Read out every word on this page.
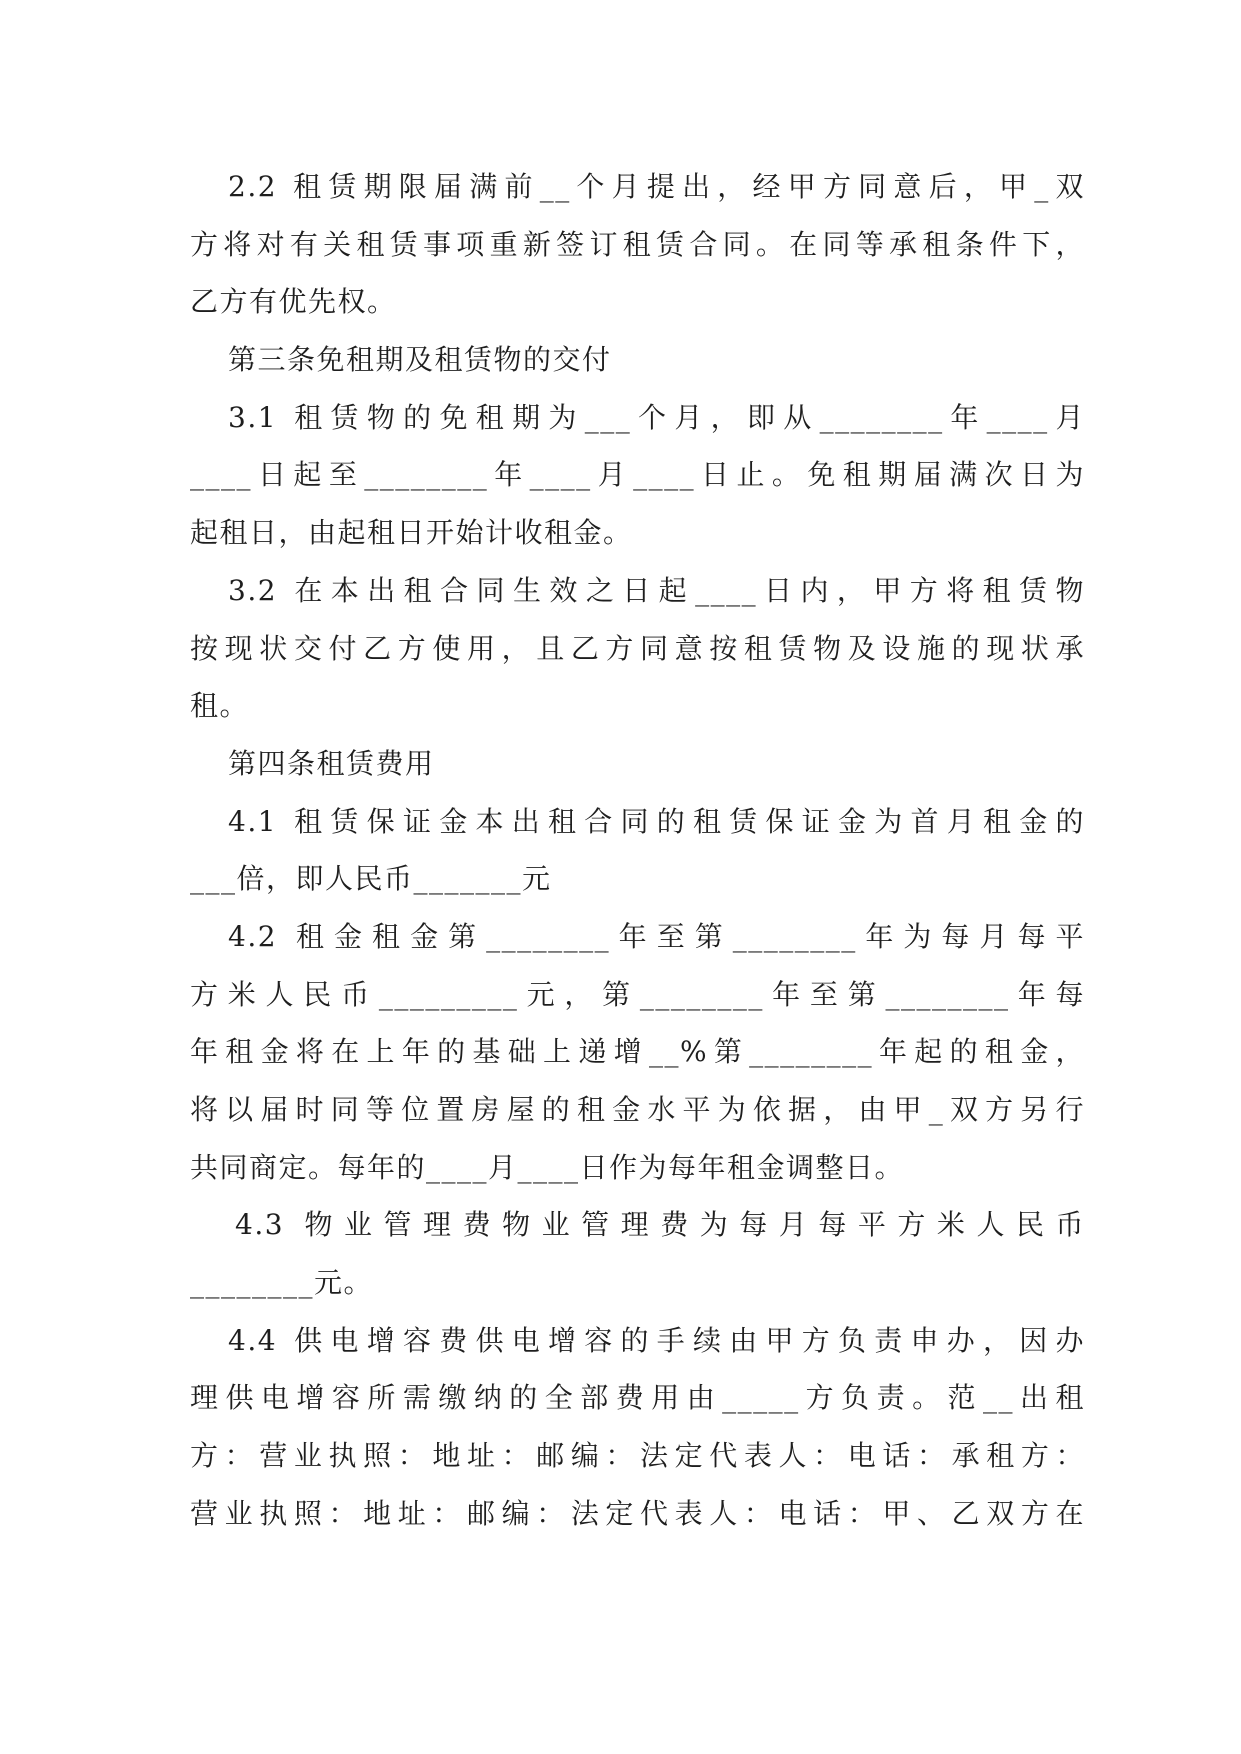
2.2 租赁期限届满前__个月提出，经甲方同意后，甲_双
方将对有关租赁事项重新签订租赁合同。在同等承租条件下，
乙方有优先权。
第三条免租期及租赁物的交付
3.1 租赁物的免租期为___个月，即从________年____月
____日起至________年____月____日止。免租期届满次日为
起租日，由起租日开始计收租金。
3.2 在本出租合同生效之日起____日内，甲方将租赁物
按现状交付乙方使用，且乙方同意按租赁物及设施的现状承
租。
第四条租赁费用
4.1 租赁保证金本出租合同的租赁保证金为首月租金的
___倍，即人民币_______元
4.2 租金租金第________年至第________年为每月每平
方米人民币_________元，第________年至第________年每
年租金将在上年的基础上递增__%第________年起的租金，
将以届时同等位置房屋的租金水平为依据，由甲_双方另行
共同商定。每年的____月____日作为每年租金调整日。
4.3 物业管理费物业管理费为每月每平方米人民币
________元。
4.4 供电增容费供电增容的手续由甲方负责申办，因办
理供电增容所需缴纳的全部费用由_____方负责。范__出租
方：营业执照：地址：邮编：法定代表人：电话：承租方：
营业执照：地址：邮编：法定代表人：电话：甲、乙双方在
